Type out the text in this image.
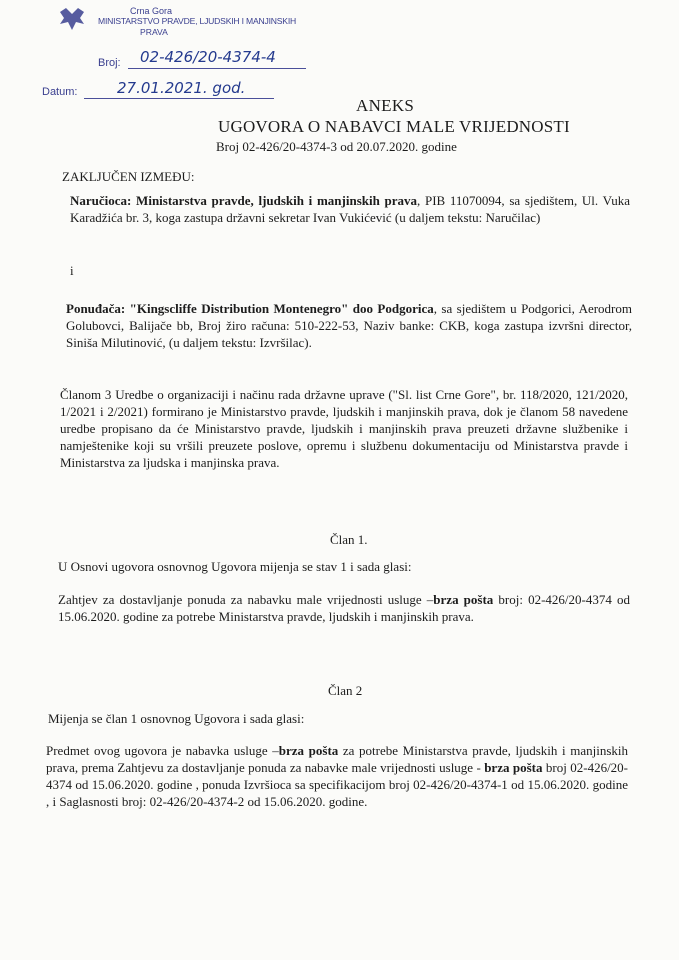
Crna Gora
MINISTARSTVO PRAVDE, LJUDSKIH I MANJINSKIH
PRAVA
Broj:
Datum:
02-426/20-4374-4
27.01.2021. god.
ANEKS
UGOVORA O NABAVCI MALE VRIJEDNOSTI
Broj 02-426/20-4374-3 od 20.07.2020. godine
ZAKLJUČEN IZMEĐU:
Naručioca: Ministarstva pravde, ljudskih i manjinskih prava, PIB 11070094, sa sjedištem, Ul. Vuka Karadžića br. 3, koga zastupa državni sekretar Ivan Vukićević (u daljem tekstu: Naručilac)
i
Ponuđača: "Kingscliffe Distribution Montenegro" doo Podgorica, sa sjedištem u Podgorici, Aerodrom Golubovci, Balijače bb, Broj žiro računa: 510-222-53, Naziv banke: CKB, koga zastupa izvršni director, Siniša Milutinović, (u daljem tekstu: Izvršilac).
Članom 3 Uredbe o organizaciji i načinu rada državne uprave ("Sl. list Crne Gore", br. 118/2020, 121/2020, 1/2021 i 2/2021) formirano je Ministarstvo pravde, ljudskih i manjinskih prava, dok je članom 58 navedene uredbe propisano da će Ministarstvo pravde, ljudskih i manjinskih prava preuzeti državne službenike i namještenike koji su vršili preuzete poslove, opremu i službenu dokumentaciju od Ministarstva pravde i Ministarstva za ljudska i manjinska prava.
Član 1.
U Osnovi ugovora osnovnog Ugovora mijenja se stav 1 i sada glasi:
Zahtjev za dostavljanje ponuda za nabavku male vrijednosti usluge –brza pošta broj: 02-426/20-4374 od 15.06.2020. godine za potrebe Ministarstva pravde, ljudskih i manjinskih prava.
Član 2
Mijenja se član 1 osnovnog Ugovora i sada glasi:
Predmet ovog ugovora je nabavka usluge –brza pošta za potrebe Ministarstva pravde, ljudskih i manjinskih prava, prema Zahtjevu za dostavljanje ponuda za nabavke male vrijednosti usluge - brza pošta broj 02-426/20-4374 od 15.06.2020. godine , ponuda Izvršioca sa specifikacijom broj 02-426/20-4374-1 od 15.06.2020. godine , i Saglasnosti broj: 02-426/20-4374-2 od 15.06.2020. godine.
